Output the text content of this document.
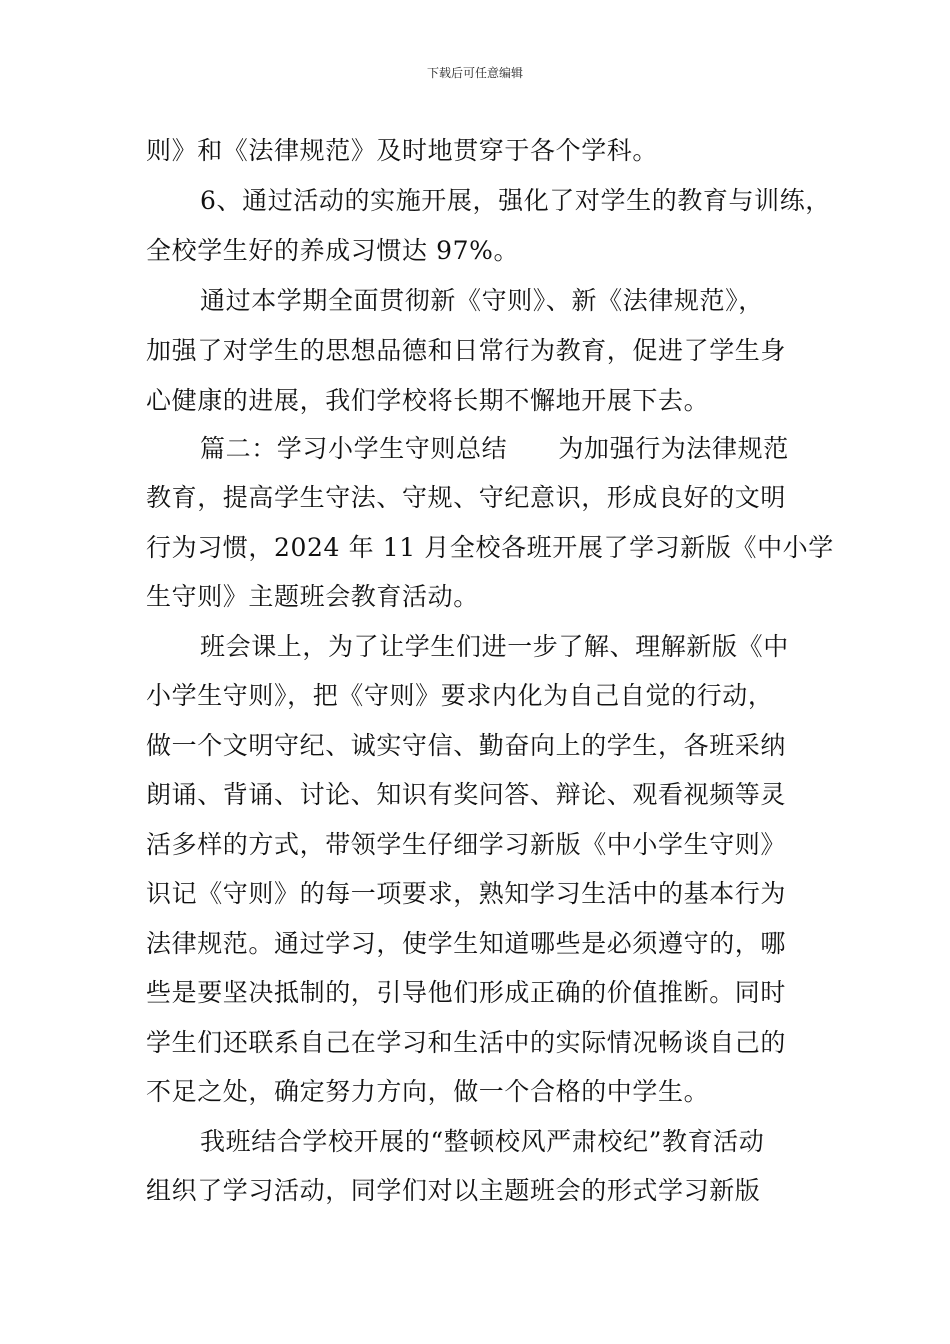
下载后可任意编辑
则》和《法律规范》及时地贯穿于各个学科。
6、通过活动的实施开展，强化了对学生的教育与训练，
全校学生好的养成习惯达 97%。
通过本学期全面贯彻新《守则》、新《法律规范》，
加强了对学生的思想品德和日常行为教育，促进了学生身
心健康的进展，我们学校将长期不懈地开展下去。
篇二：学习小学生守则总结　　为加强行为法律规范
教育，提高学生守法、守规、守纪意识，形成良好的文明
行为习惯，2024 年 11 月全校各班开展了学习新版《中小学
生守则》主题班会教育活动。
班会课上，为了让学生们进一步了解、理解新版《中
小学生守则》，把《守则》要求内化为自己自觉的行动，
做一个文明守纪、诚实守信、勤奋向上的学生，各班采纳
朗诵、背诵、讨论、知识有奖问答、辩论、观看视频等灵
活多样的方式，带领学生仔细学习新版《中小学生守则》
识记《守则》的每一项要求，熟知学习生活中的基本行为
法律规范。通过学习，使学生知道哪些是必须遵守的，哪
些是要坚决抵制的，引导他们形成正确的价值推断。同时
学生们还联系自己在学习和生活中的实际情况畅谈自己的
不足之处，确定努力方向，做一个合格的中学生。
我班结合学校开展的“整顿校风严肃校纪”教育活动
组织了学习活动，同学们对以主题班会的形式学习新版
